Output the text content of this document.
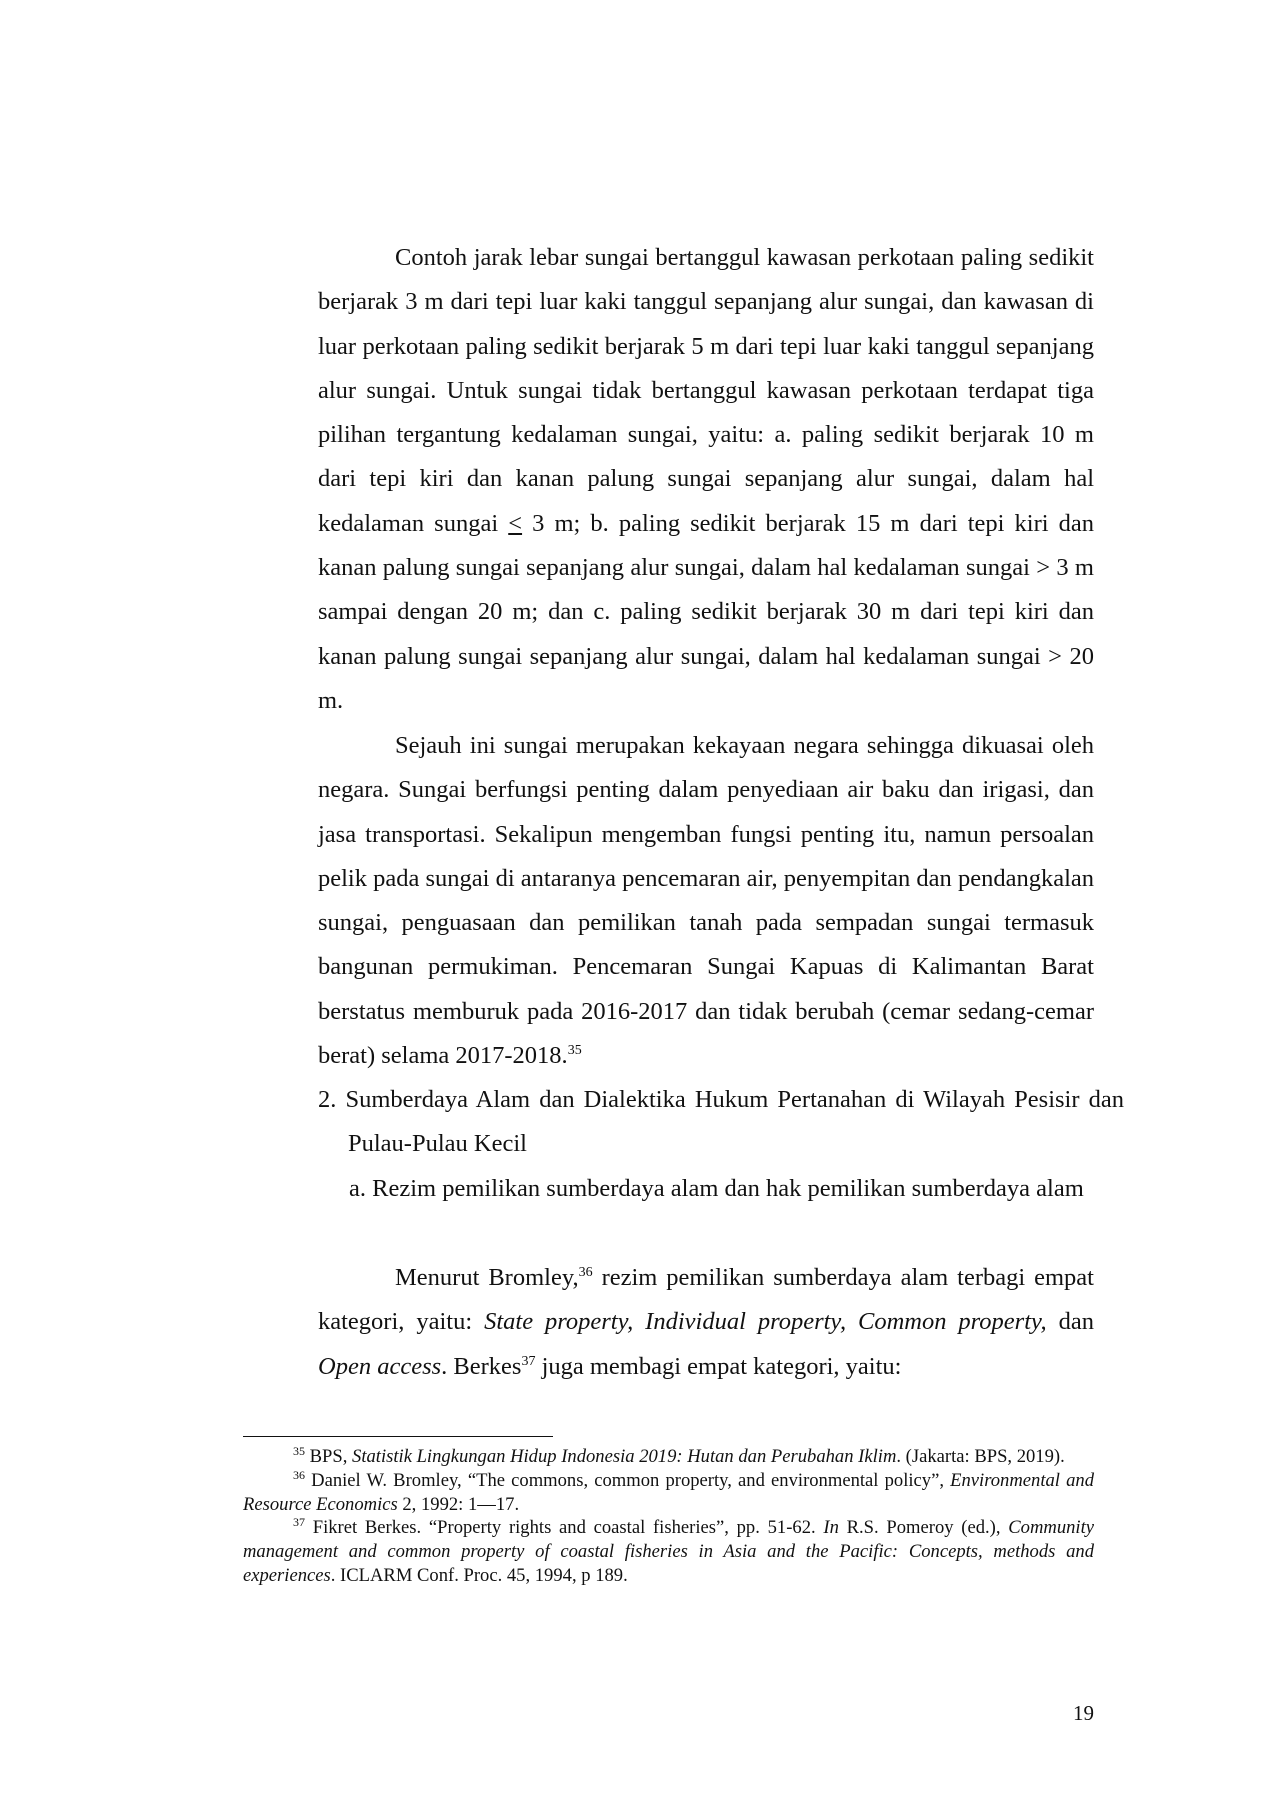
Contoh jarak lebar sungai bertanggul kawasan perkotaan paling sedikit berjarak 3 m dari tepi luar kaki tanggul sepanjang alur sungai, dan kawasan di luar perkotaan paling sedikit berjarak 5 m dari tepi luar kaki tanggul sepanjang alur sungai. Untuk sungai tidak bertanggul kawasan perkotaan terdapat tiga pilihan tergantung kedalaman sungai, yaitu: a. paling sedikit berjarak 10 m dari tepi kiri dan kanan palung sungai sepanjang alur sungai, dalam hal kedalaman sungai ≤ 3 m; b. paling sedikit berjarak 15 m dari tepi kiri dan kanan palung sungai sepanjang alur sungai, dalam hal kedalaman sungai > 3 m sampai dengan 20 m; dan c. paling sedikit berjarak 30 m dari tepi kiri dan kanan palung sungai sepanjang alur sungai, dalam hal kedalaman sungai > 20 m.

Sejauh ini sungai merupakan kekayaan negara sehingga dikuasai oleh negara. Sungai berfungsi penting dalam penyediaan air baku dan irigasi, dan jasa transportasi. Sekalipun mengemban fungsi penting itu, namun persoalan pelik pada sungai di antaranya pencemaran air, penyempitan dan pendangkalan sungai, penguasaan dan pemilikan tanah pada sempadan sungai termasuk bangunan permukiman. Pencemaran Sungai Kapuas di Kalimantan Barat berstatus memburuk pada 2016-2017 dan tidak berubah (cemar sedang-cemar berat) selama 2017-2018.35

2. Sumberdaya Alam dan Dialektika Hukum Pertanahan di Wilayah Pesisir dan Pulau-Pulau Kecil
a. Rezim pemilikan sumberdaya alam dan hak pemilikan sumberdaya alam

Menurut Bromley,$^{36}$ rezim pemilikan sumberdaya alam terbagi empat kategori, yaitu: State property, Individual property, Common property, dan Open access. Berkes$^{37}$ juga membagi empat kategori, yaitu:

$^{35}$ BPS, Statistik Lingkungan Hidup Indonesia 2019: Hutan dan Perubahan Iklim. (Jakarta: BPS, 2019).

$^{36}$ Daniel W. Bromley, “The commons, common property, and environmental policy”, Environmental and Resource Economics 2, 1992: 1—17.

$^{37}$ Fikret Berkes. “Property rights and coastal fisheries”, pp. 51-62. In R.S. Pomeroy (ed.), Community management and common property of coastal fisheries in Asia and the Pacific: Concepts, methods and experiences. ICLARM Conf. Proc. 45, 1994, p 189.

19
